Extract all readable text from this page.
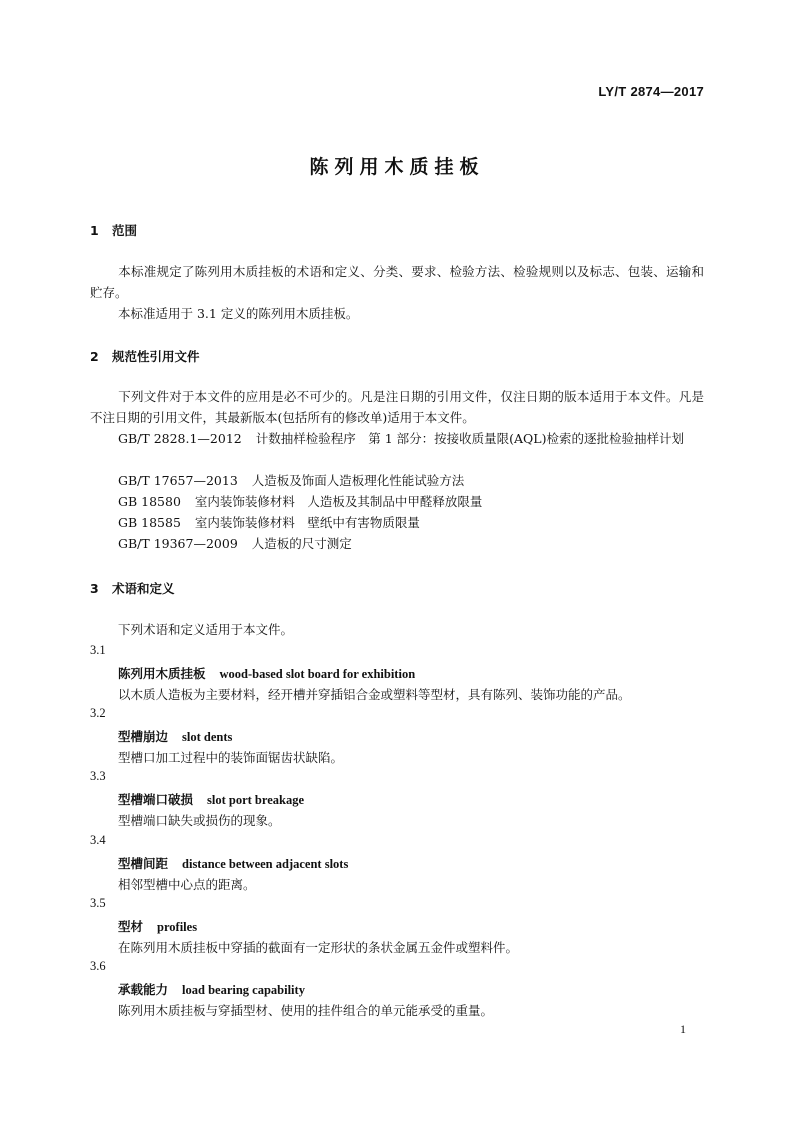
LY/T 2874—2017
陈列用木质挂板
1 范围
本标准规定了陈列用木质挂板的术语和定义、分类、要求、检验方法、检验规则以及标志、包装、运输和贮存。
本标准适用于 3.1 定义的陈列用木质挂板。
2 规范性引用文件
下列文件对于本文件的应用是必不可少的。凡是注日期的引用文件，仅注日期的版本适用于本文件。凡是不注日期的引用文件，其最新版本(包括所有的修改单)适用于本文件。
GB/T 2828.1—2012 计数抽样检验程序　第 1 部分：按接收质量限(AQL)检索的逐批检验抽样计划
GB/T 17657—2013 人造板及饰面人造板理化性能试验方法
GB 18580 室内装饰装修材料　人造板及其制品中甲醛释放限量
GB 18585 室内装饰装修材料　壁纸中有害物质限量
GB/T 19367—2009 人造板的尺寸测定
3 术语和定义
下列术语和定义适用于本文件。
3.1
陈列用木质挂板 wood-based slot board for exhibition
以木质人造板为主要材料，经开槽并穿插铝合金或塑料等型材，具有陈列、装饰功能的产品。
3.2
型槽崩边 slot dents
型槽口加工过程中的装饰面锯齿状缺陷。
3.3
型槽端口破损 slot port breakage
型槽端口缺失或损伤的现象。
3.4
型槽间距 distance between adjacent slots
相邻型槽中心点的距离。
3.5
型材 profiles
在陈列用木质挂板中穿插的截面有一定形状的条状金属五金件或塑料件。
3.6
承载能力 load bearing capability
陈列用木质挂板与穿插型材、使用的挂件组合的单元能承受的重量。
1
